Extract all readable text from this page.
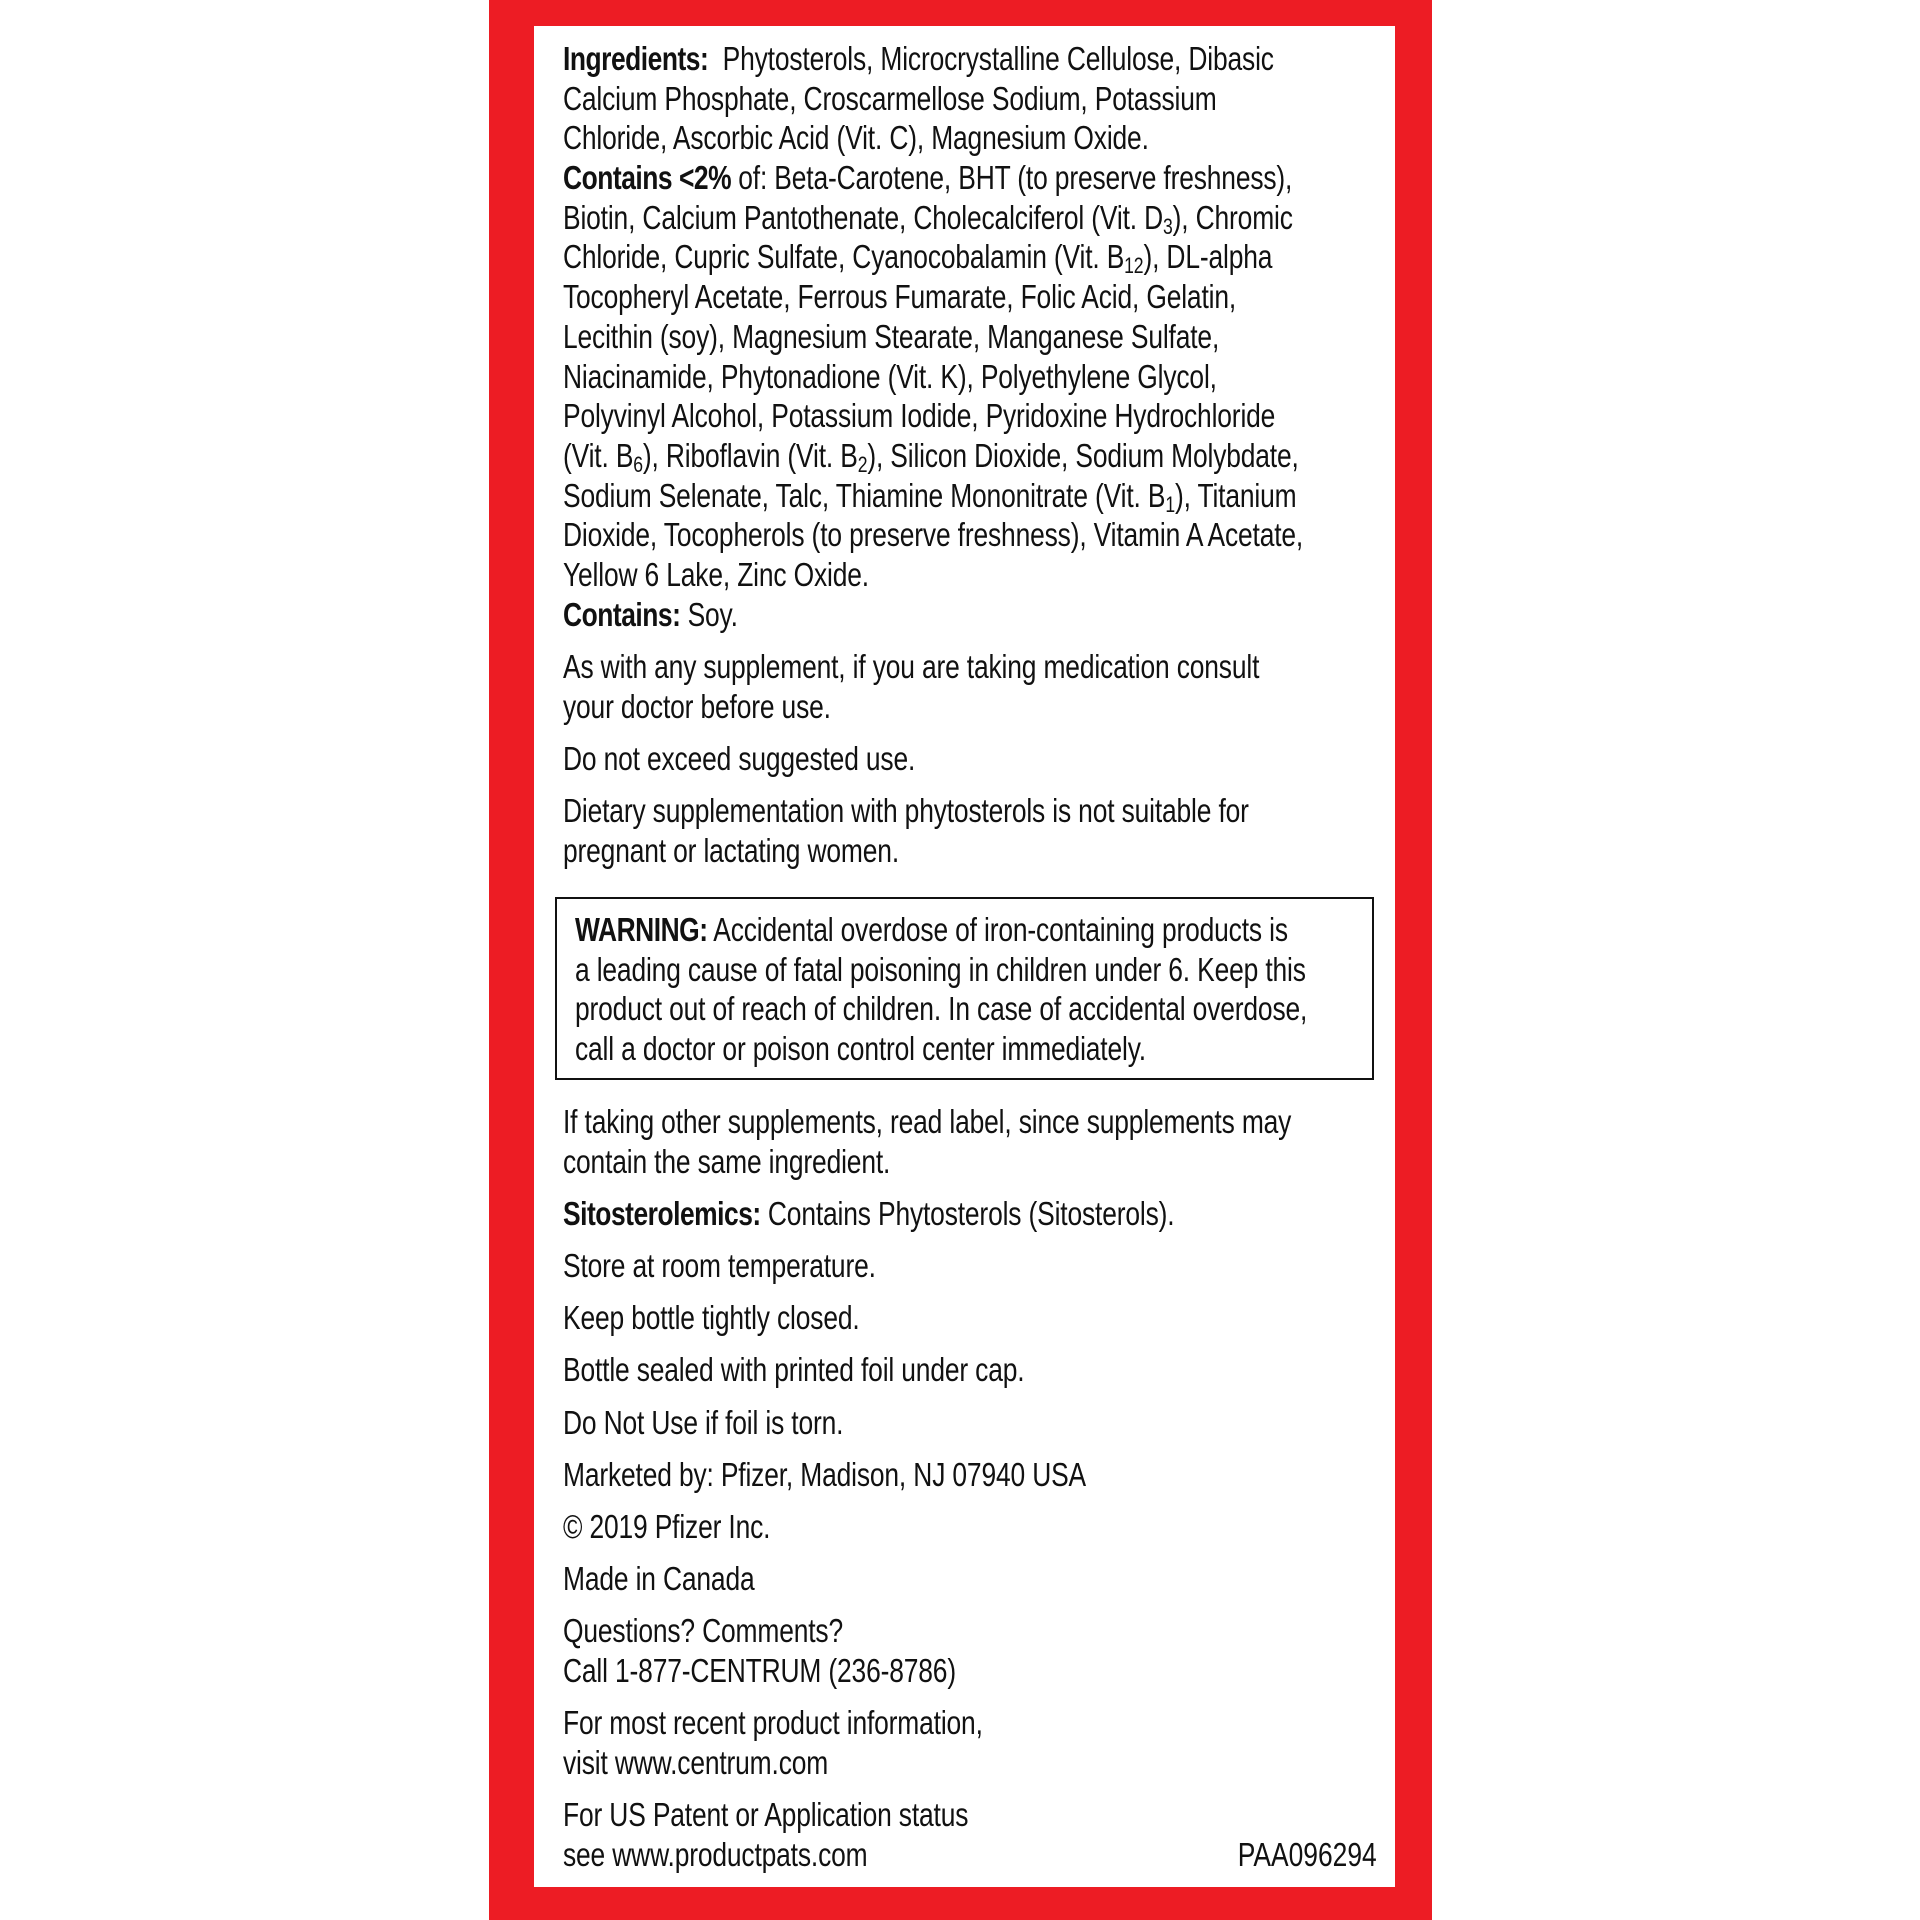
Ingredients:  Phytosterols, Microcrystalline Cellulose, Dibasic
Calcium Phosphate, Croscarmellose Sodium, Potassium
Chloride, Ascorbic Acid (Vit. C), Magnesium Oxide.
Contains <2% of: Beta-Carotene, BHT (to preserve freshness),
Biotin, Calcium Pantothenate, Cholecalciferol (Vit. $D_3$), Chromic
Chloride, Cupric Sulfate, Cyanocobalamin (Vit. $B_{12}$), DL-alpha
Tocopheryl Acetate, Ferrous Fumarate, Folic Acid, Gelatin,
Lecithin (soy), Magnesium Stearate, Manganese Sulfate,
Niacinamide, Phytonadione (Vit. K), Polyethylene Glycol,
Polyvinyl Alcohol, Potassium Iodide, Pyridoxine Hydrochloride
(Vit. $B_6$), Riboflavin (Vit. $B_2$), Silicon Dioxide, Sodium Molybdate,
Sodium Selenate, Talc, Thiamine Mononitrate (Vit. $B_1$), Titanium
Dioxide, Tocopherols (to preserve freshness), Vitamin A Acetate,
Yellow 6 Lake, Zinc Oxide.
Contains: Soy.
As with any supplement, if you are taking medication consult
your doctor before use.
Do not exceed suggested use.
Dietary supplementation with phytosterols is not suitable for
pregnant or lactating women.
WARNING: Accidental overdose of iron-containing products is
a leading cause of fatal poisoning in children under 6. Keep this
product out of reach of children. In case of accidental overdose,
call a doctor or poison control center immediately.
If taking other supplements, read label, since supplements may
contain the same ingredient.
Sitosterolemics: Contains Phytosterols (Sitosterols).
Store at room temperature.
Keep bottle tightly closed.
Bottle sealed with printed foil under cap.
Do Not Use if foil is torn.
Marketed by: Pfizer, Madison, NJ 07940 USA
© 2019 Pfizer Inc.
Made in Canada
Questions? Comments?
Call 1-877-CENTRUM (236-8786)
For most recent product information,
visit www.centrum.com
For US Patent or Application status
see www.productpats.com	PAA096294
